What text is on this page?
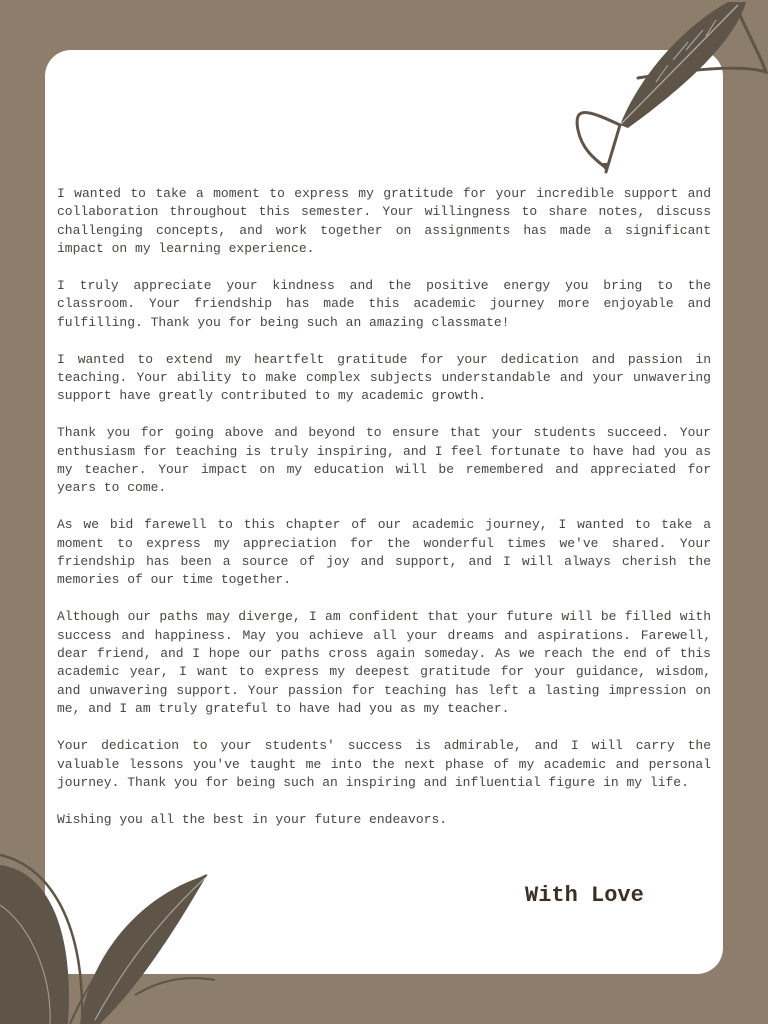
I wanted to take a moment to express my gratitude for your incredible support and collaboration throughout this semester. Your willingness to share notes, discuss challenging concepts, and work together on assignments has made a significant impact on my learning experience.

I truly appreciate your kindness and the positive energy you bring to the classroom. Your friendship has made this academic journey more enjoyable and fulfilling. Thank you for being such an amazing classmate!

I wanted to extend my heartfelt gratitude for your dedication and passion in teaching. Your ability to make complex subjects understandable and your unwavering support have greatly contributed to my academic growth.

Thank you for going above and beyond to ensure that your students succeed. Your enthusiasm for teaching is truly inspiring, and I feel fortunate to have had you as my teacher. Your impact on my education will be remembered and appreciated for years to come.

As we bid farewell to this chapter of our academic journey, I wanted to take a moment to express my appreciation for the wonderful times we've shared. Your friendship has been a source of joy and support, and I will always cherish the memories of our time together.

Although our paths may diverge, I am confident that your future will be filled with success and happiness. May you achieve all your dreams and aspirations. Farewell, dear friend, and I hope our paths cross again someday. As we reach the end of this academic year, I want to express my deepest gratitude for your guidance, wisdom, and unwavering support. Your passion for teaching has left a lasting impression on me, and I am truly grateful to have had you as my teacher.

Your dedication to your students' success is admirable, and I will carry the valuable lessons you've taught me into the next phase of my academic and personal journey. Thank you for being such an inspiring and influential figure in my life.

Wishing you all the best in your future endeavors.

With Love
